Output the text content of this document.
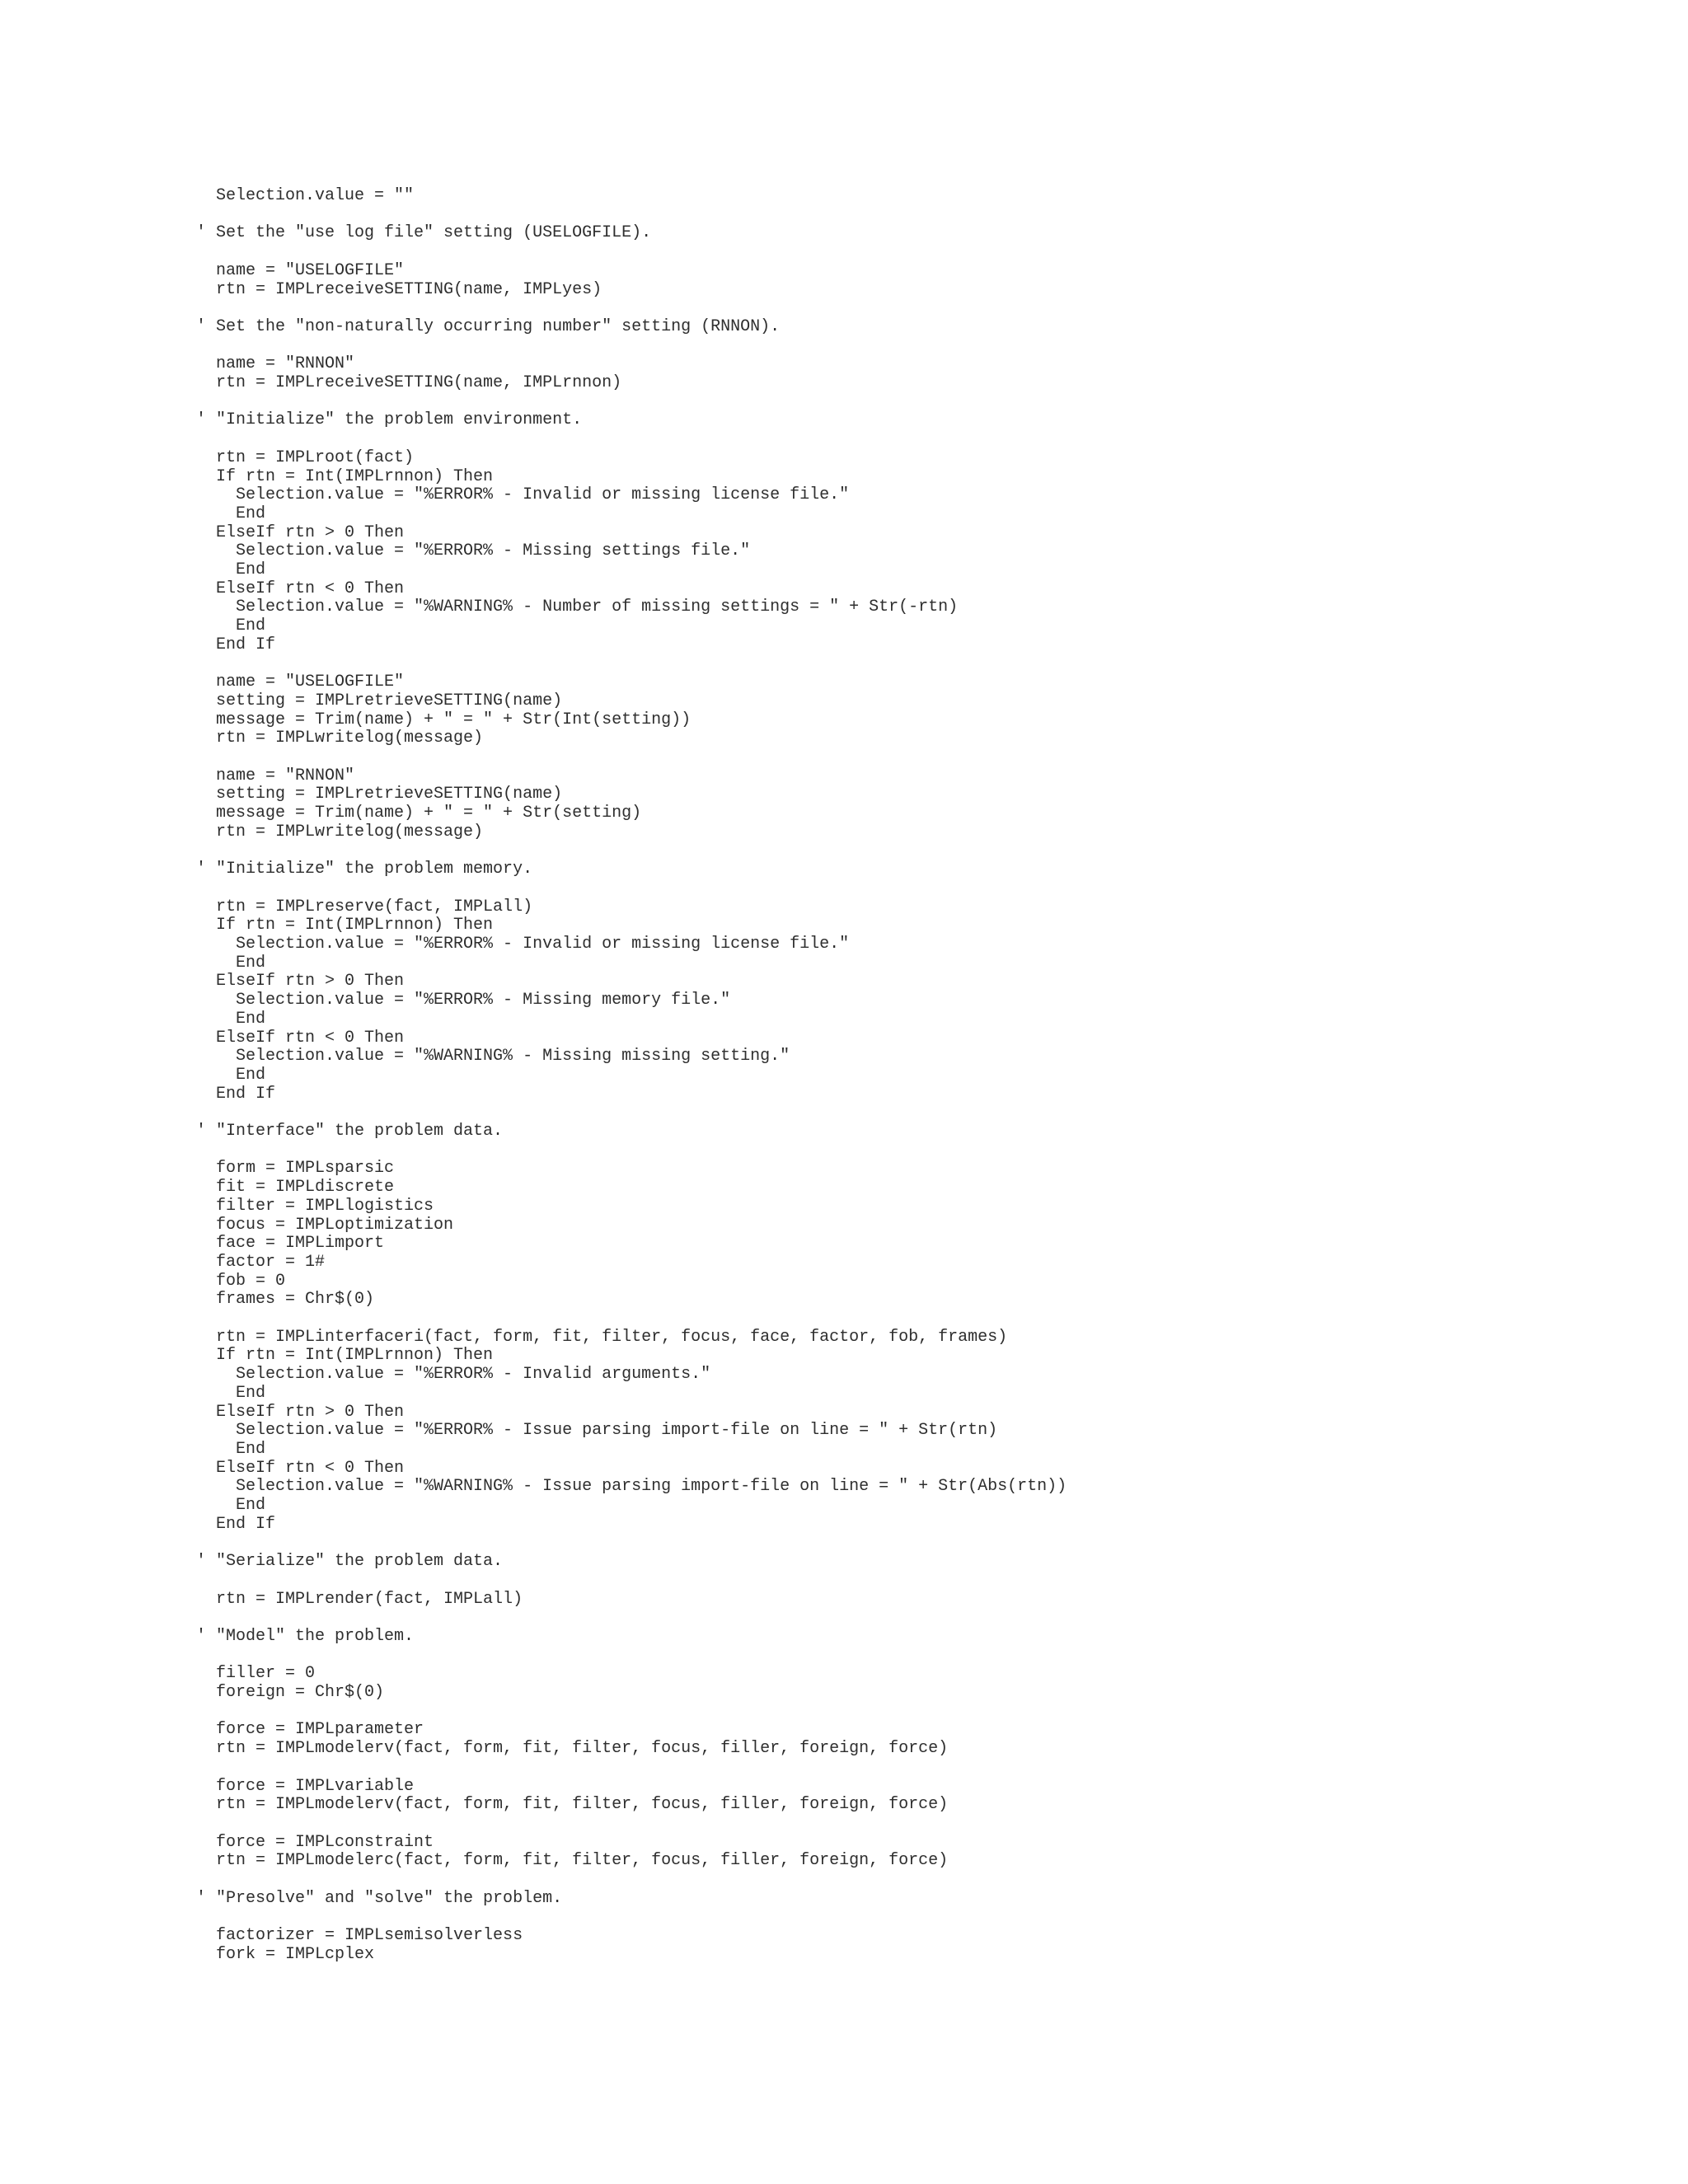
Selection.value = ""
' Set the "use log file" setting (USELOGFILE).
name = "USELOGFILE"
rtn = IMPLreceiveSETTING(name, IMPLyes)
' Set the "non-naturally occurring number" setting (RNNON).
name = "RNNON"
rtn = IMPLreceiveSETTING(name, IMPLrnnon)
' "Initialize" the problem environment.
rtn = IMPLroot(fact)
If rtn = Int(IMPLrnnon) Then
Selection.value = "%ERROR% - Invalid or missing license file."
End
ElseIf rtn > 0 Then
Selection.value = "%ERROR% - Missing settings file."
End
ElseIf rtn < 0 Then
Selection.value = "%WARNING% - Number of missing settings = " + Str(-rtn)
End
End If
name = "USELOGFILE"
setting = IMPLretrieveSETTING(name)
message = Trim(name) + " = " + Str(Int(setting))
rtn = IMPLwritelog(message)
name = "RNNON"
setting = IMPLretrieveSETTING(name)
message = Trim(name) + " = " + Str(setting)
rtn = IMPLwritelog(message)
' "Initialize" the problem memory.
rtn = IMPLreserve(fact, IMPLall)
If rtn = Int(IMPLrnnon) Then
Selection.value = "%ERROR% - Invalid or missing license file."
End
ElseIf rtn > 0 Then
Selection.value = "%ERROR% - Missing memory file."
End
ElseIf rtn < 0 Then
Selection.value = "%WARNING% - Missing missing setting."
End
End If
' "Interface" the problem data.
form = IMPLsparsic
fit = IMPLdiscrete
filter = IMPLlogistics
focus = IMPLoptimization
face = IMPLimport
factor = 1#
fob = 0
frames = Chr$(0)
rtn = IMPLinterfaceri(fact, form, fit, filter, focus, face, factor, fob, frames)
If rtn = Int(IMPLrnnon) Then
Selection.value = "%ERROR% - Invalid arguments."
End
ElseIf rtn > 0 Then
Selection.value = "%ERROR% - Issue parsing import-file on line = " + Str(rtn)
End
ElseIf rtn < 0 Then
Selection.value = "%WARNING% - Issue parsing import-file on line = " + Str(Abs(rtn))
End
End If
' "Serialize" the problem data.
rtn = IMPLrender(fact, IMPLall)
' "Model" the problem.
filler = 0
foreign = Chr$(0)
force = IMPLparameter
rtn = IMPLmodelerv(fact, form, fit, filter, focus, filler, foreign, force)
force = IMPLvariable
rtn = IMPLmodelerv(fact, form, fit, filter, focus, filler, foreign, force)
force = IMPLconstraint
rtn = IMPLmodelerc(fact, form, fit, filter, focus, filler, foreign, force)
' "Presolve" and "solve" the problem.
factorizer = IMPLsemisolverless
fork = IMPLcplex
